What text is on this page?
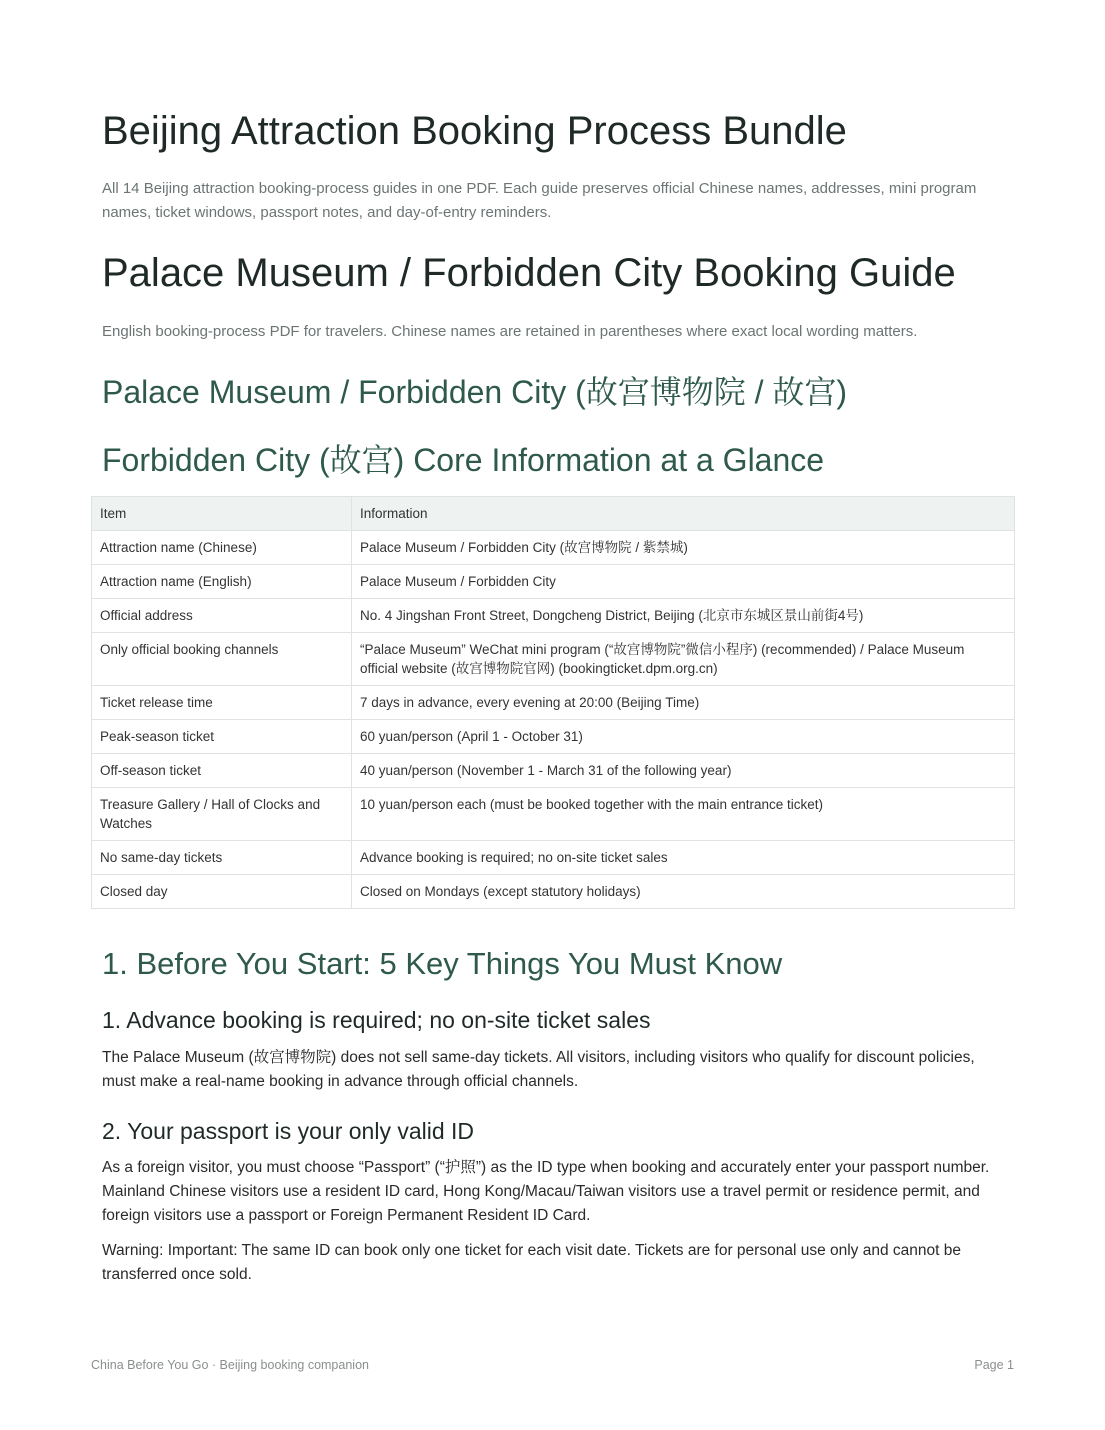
Beijing Attraction Booking Process Bundle
All 14 Beijing attraction booking-process guides in one PDF. Each guide preserves official Chinese names, addresses, mini program names, ticket windows, passport notes, and day-of-entry reminders.
Palace Museum / Forbidden City Booking Guide
English booking-process PDF for travelers. Chinese names are retained in parentheses where exact local wording matters.
Palace Museum / Forbidden City (故宫博物院 / 故宫)
Forbidden City (故宫) Core Information at a Glance
1. Before You Start: 5 Key Things You Must Know
1. Advance booking is required; no on-site ticket sales
The Palace Museum (故宫博物院) does not sell same-day tickets. All visitors, including visitors who qualify for discount policies, must make a real-name booking in advance through official channels.
2. Your passport is your only valid ID
As a foreign visitor, you must choose “Passport” (“护照”) as the ID type when booking and accurately enter your passport number. Mainland Chinese visitors use a resident ID card, Hong Kong/Macau/Taiwan visitors use a travel permit or residence permit, and foreign visitors use a passport or Foreign Permanent Resident ID Card.
Warning: Important: The same ID can book only one ticket for each visit date. Tickets are for personal use only and cannot be transferred once sold.
Item	Information
Attraction name (Chinese)	Palace Museum / Forbidden City (故宫博物院 / 紫禁城)
Attraction name (English)	Palace Museum / Forbidden City
Official address	No. 4 Jingshan Front Street, Dongcheng District, Beijing (北京市东城区景山前街4号)
Only official booking channels	“Palace Museum” WeChat mini program (“故宫博物院”微信小程序) (recommended) / Palace Museum official website (故宫博物院官网) (bookingticket.dpm.org.cn)
Ticket release time	7 days in advance, every evening at 20:00 (Beijing Time)
Peak-season ticket	60 yuan/person (April 1 - October 31)
Off-season ticket	40 yuan/person (November 1 - March 31 of the following year)
Treasure Gallery / Hall of Clocks and Watches	10 yuan/person each (must be booked together with the main entrance ticket)
No same-day tickets	Advance booking is required; no on-site ticket sales
Closed day	Closed on Mondays (except statutory holidays)
China Before You Go · Beijing booking companion	Page 1
